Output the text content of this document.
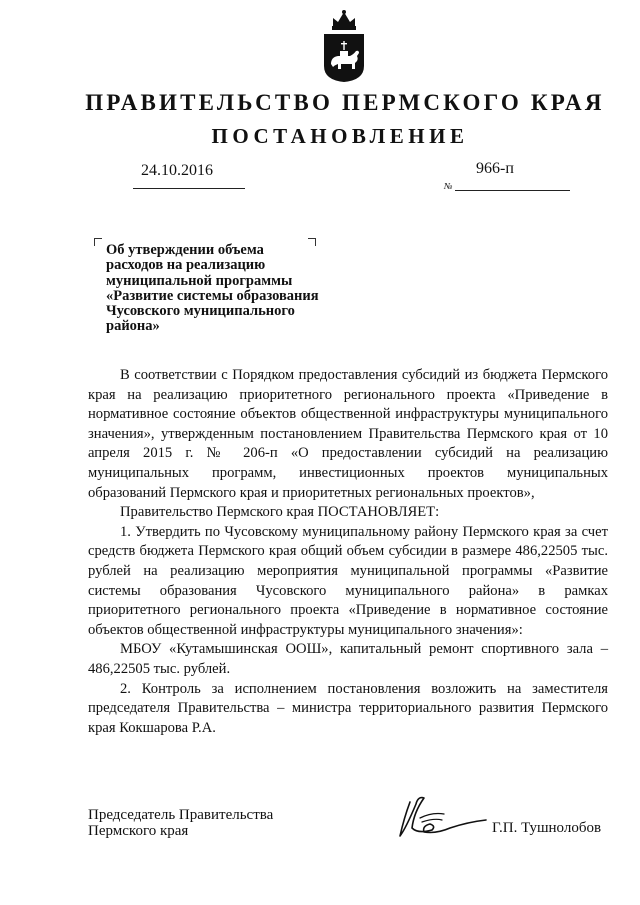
ПРАВИТЕЛЬСТВО ПЕРМСКОГО КРАЯ
ПОСТАНОВЛЕНИЕ
24.10.2016	966-п
№
Об утверждении объема
расходов на реализацию
муниципальной программы
«Развитие системы образования
Чусовского муниципального
района»

В соответствии с Порядком предоставления субсидий из бюджета Пермского края на реализацию приоритетного регионального проекта «Приведение в нормативное состояние объектов общественной инфраструктуры муниципального значения», утвержденным постановлением Правительства Пермского края от 10 апреля 2015 г. № 206-п «О предоставлении субсидий на реализацию муниципальных программ, инвестиционных проектов муниципальных образований Пермского края и приоритетных региональных проектов»,

Правительство Пермского края ПОСТАНОВЛЯЕТ:

1. Утвердить по Чусовскому муниципальному району Пермского края за счет средств бюджета Пермского края общий объем субсидии в размере 486,22505 тыс. рублей на реализацию мероприятия муниципальной программы «Развитие системы образования Чусовского муниципального района» в рамках приоритетного регионального проекта «Приведение в нормативное состояние объектов общественной инфраструктуры муниципального значения»:

МБОУ «Кутамышинская ООШ», капитальный ремонт спортивного зала – 486,22505 тыс. рублей.

2. Контроль за исполнением постановления возложить на заместителя председателя Правительства – министра территориального развития Пермского края Кокшарова Р.А.

Председатель Правительства
Пермского края	Г.П. Тушнолобов
